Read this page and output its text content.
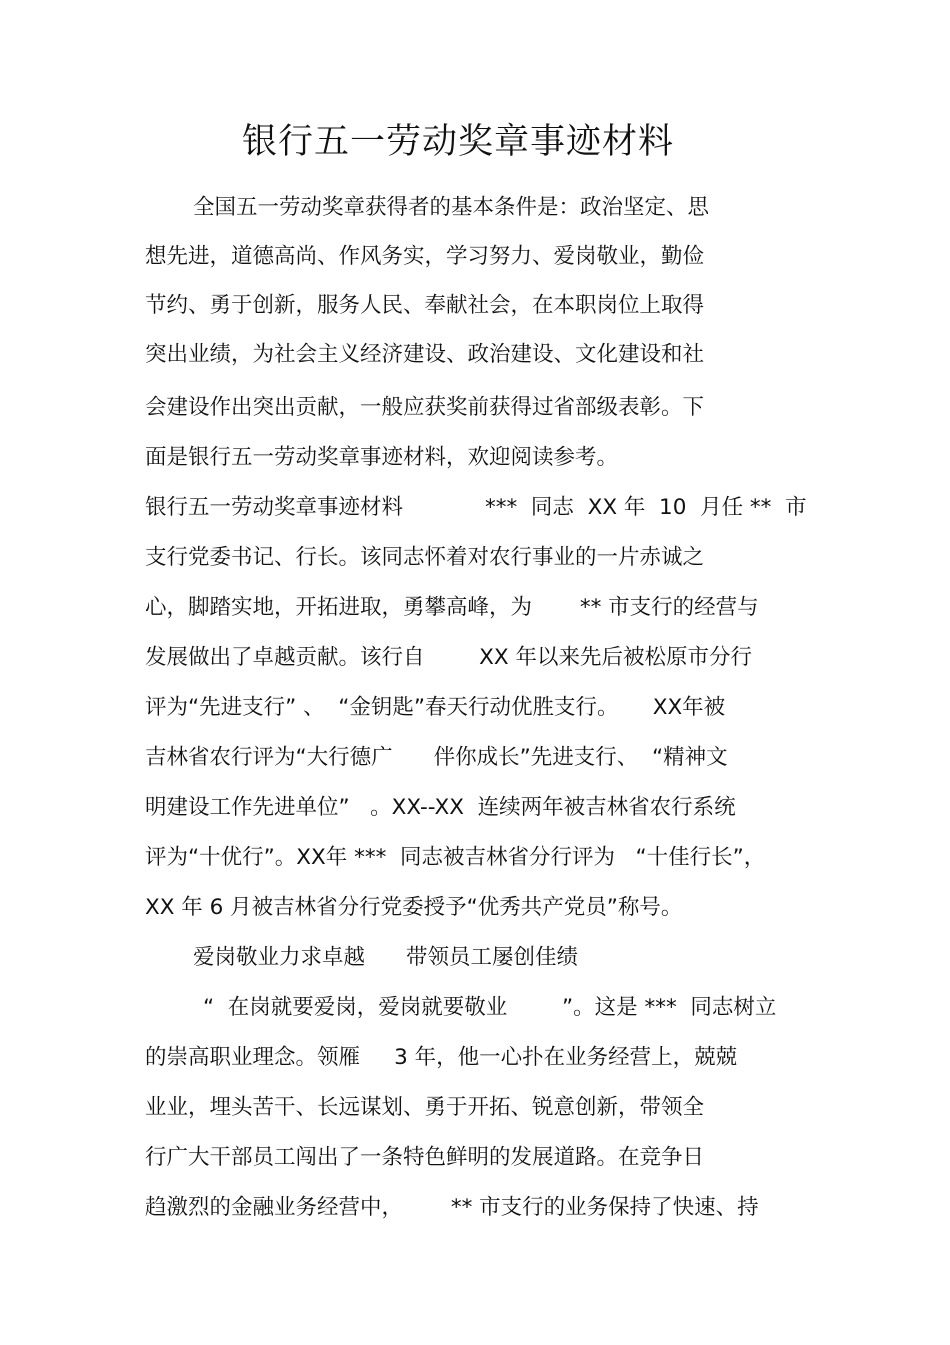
银行五一劳动奖章事迹材料
全国五一劳动奖章获得者的基本条件是：政治坚定、思
想先进，道德高尚、作风务实，学习努力、爱岗敬业，勤俭
节约、勇于创新，服务人民、奉献社会，在本职岗位上取得
突出业绩，为社会主义经济建设、政治建设、文化建设和社
会建设作出突出贡献，一般应获奖前获得过省部级表彰。下
面是银行五一劳动奖章事迹材料，欢迎阅读参考。
银行五一劳动奖章事迹材料            ***  同志  XX 年  10  月任 **  市
支行党委书记、行长。该同志怀着对农行事业的一片赤诚之
心，脚踏实地，开拓进取，勇攀高峰，为       ** 市支行的经营与
发展做出了卓越贡献。该行自        XX 年以来先后被松原市分行
评为“先进支行” 、  “金钥匙”春天行动优胜支行。     XX年被
吉林省农行评为“大行德广      伴你成长”先进支行、  “精神文
明建设工作先进单位”   。XX--XX  连续两年被吉林省农行系统
评为“十优行”。XX年 ***  同志被吉林省分行评为   “十佳行长”，
XX 年 6 月被吉林省分行党委授予“优秀共产党员”称号。
爱岗敬业力求卓越      带领员工屡创佳绩
“  在岗就要爱岗，爱岗就要敬业        ”。这是 ***  同志树立
的崇高职业理念。领雁     3 年，他一心扑在业务经营上，兢兢
业业，埋头苦干、长远谋划、勇于开拓、锐意创新，带领全
行广大干部员工闯出了一条特色鲜明的发展道路。在竞争日
趋激烈的金融业务经营中，       ** 市支行的业务保持了快速、持
